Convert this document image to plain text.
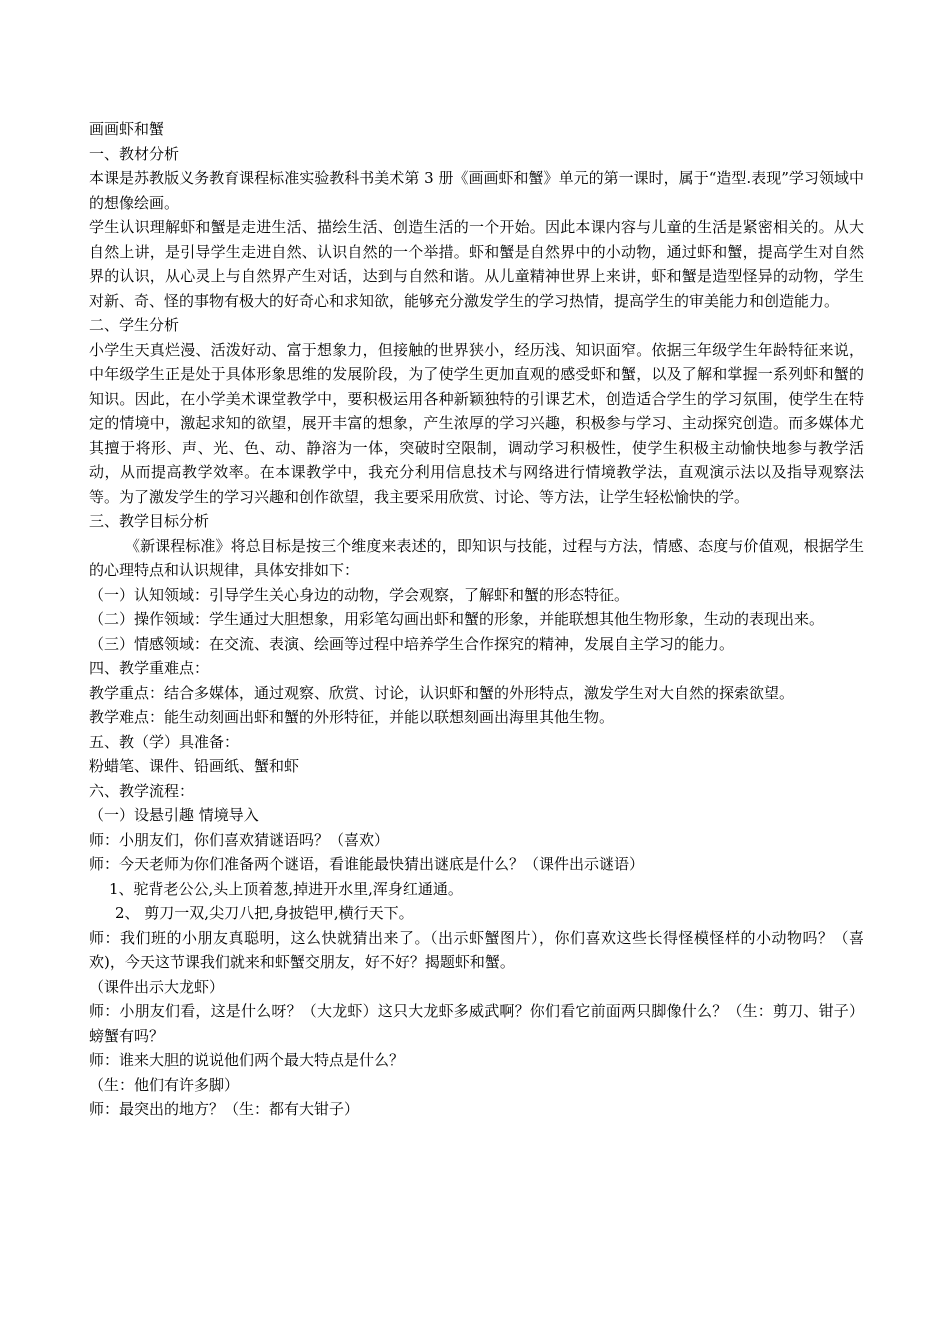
画画虾和蟹

一、教材分析

本课是苏教版义务教育课程标准实验教科书美术第 3 册《画画虾和蟹》单元的第一课时，属于“造型.表现”学习领域中的想像绘画。

学生认识理解虾和蟹是走进生活、描绘生活、创造生活的一个开始。因此本课内容与儿童的生活是紧密相关的。从大自然上讲，是引导学生走进自然、认识自然的一个举措。虾和蟹是自然界中的小动物，通过虾和蟹，提高学生对自然界的认识，从心灵上与自然界产生对话，达到与自然和谐。从儿童精神世界上来讲，虾和蟹是造型怪异的动物，学生对新、奇、怪的事物有极大的好奇心和求知欲，能够充分激发学生的学习热情，提高学生的审美能力和创造能力。

二、学生分析

小学生天真烂漫、活泼好动、富于想象力，但接触的世界狭小，经历浅、知识面窄。依据三年级学生年龄特征来说，中年级学生正是处于具体形象思维的发展阶段，为了使学生更加直观的感受虾和蟹，以及了解和掌握一系列虾和蟹的知识。因此，在小学美术课堂教学中，要积极运用各种新颖独特的引课艺术，创造适合学生的学习氛围，使学生在特定的情境中，激起求知的欲望，展开丰富的想象，产生浓厚的学习兴趣，积极参与学习、主动探究创造。而多媒体尤其擅于将形、声、光、色、动、静溶为一体，突破时空限制，调动学习积极性，使学生积极主动愉快地参与教学活动，从而提高教学效率。在本课教学中，我充分利用信息技术与网络进行情境教学法，直观演示法以及指导观察法等。为了激发学生的学习兴趣和创作欲望，我主要采用欣赏、讨论、等方法，让学生轻松愉快的学。

三、教学目标分析

《新课程标准》将总目标是按三个维度来表述的，即知识与技能，过程与方法，情感、态度与价值观，根据学生的心理特点和认识规律，具体安排如下：

（一）认知领域：引导学生关心身边的动物，学会观察，了解虾和蟹的形态特征。

（二）操作领域：学生通过大胆想象，用彩笔勾画出虾和蟹的形象，并能联想其他生物形象，生动的表现出来。

（三）情感领域：在交流、表演、绘画等过程中培养学生合作探究的精神，发展自主学习的能力。

四、教学重难点：

教学重点：结合多媒体，通过观察、欣赏、讨论，认识虾和蟹的外形特点，激发学生对大自然的探索欲望。

教学难点：能生动刻画出虾和蟹的外形特征，并能以联想刻画出海里其他生物。

五、教（学）具准备：

粉蜡笔、课件、铅画纸、蟹和虾

六、教学流程：

（一）设悬引趣 情境导入

师：小朋友们，你们喜欢猜谜语吗？（喜欢）

师：今天老师为你们准备两个谜语，看谁能最快猜出谜底是什么？（课件出示谜语）

1、驼背老公公,头上顶着葱,掉进开水里,浑身红通通。

2、 剪刀一双,尖刀八把,身披铠甲,横行天下。

师：我们班的小朋友真聪明，这么快就猜出来了。（出示虾蟹图片），你们喜欢这些长得怪模怪样的小动物吗？（喜欢)，今天这节课我们就来和虾蟹交朋友，好不好？揭题虾和蟹。

（课件出示大龙虾）

师：小朋友们看，这是什么呀？（大龙虾）这只大龙虾多威武啊？你们看它前面两只脚像什么？（生：剪刀、钳子）螃蟹有吗？

师：谁来大胆的说说他们两个最大特点是什么？

（生：他们有许多脚）

师：最突出的地方？（生：都有大钳子）
